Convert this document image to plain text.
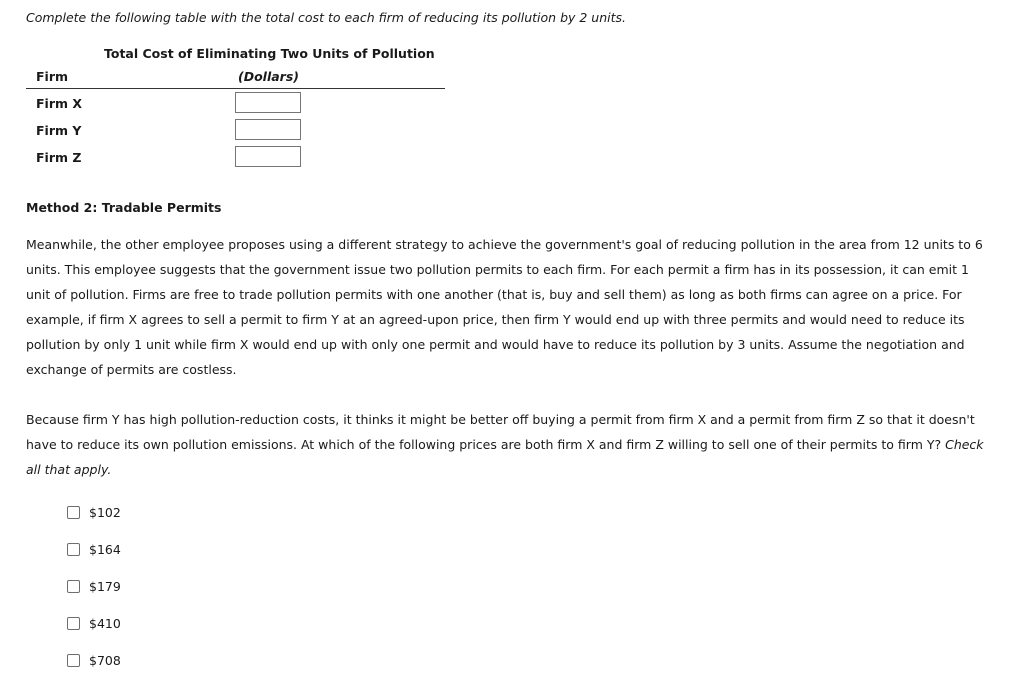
Complete the following table with the total cost to each firm of reducing its pollution by 2 units.

Total Cost of Eliminating Two Units of Pollution
Firm	(Dollars)
Firm X
Firm Y
Firm Z
Method 2: Tradable Permits

Meanwhile, the other employee proposes using a different strategy to achieve the government's goal of reducing pollution in the area from 12 units to 6 units. This employee suggests that the government issue two pollution permits to each firm. For each permit a firm has in its possession, it can emit 1 unit of pollution. Firms are free to trade pollution permits with one another (that is, buy and sell them) as long as both firms can agree on a price. For example, if firm X agrees to sell a permit to firm Y at an agreed-upon price, then firm Y would end up with three permits and would need to reduce its pollution by only 1 unit while firm X would end up with only one permit and would have to reduce its pollution by 3 units. Assume the negotiation and exchange of permits are costless.

Because firm Y has high pollution-reduction costs, it thinks it might be better off buying a permit from firm X and a permit from firm Z so that it doesn't have to reduce its own pollution emissions. At which of the following prices are both firm X and firm Z willing to sell one of their permits to firm Y? Check all that apply.

$102
$164
$179
$410
$708
